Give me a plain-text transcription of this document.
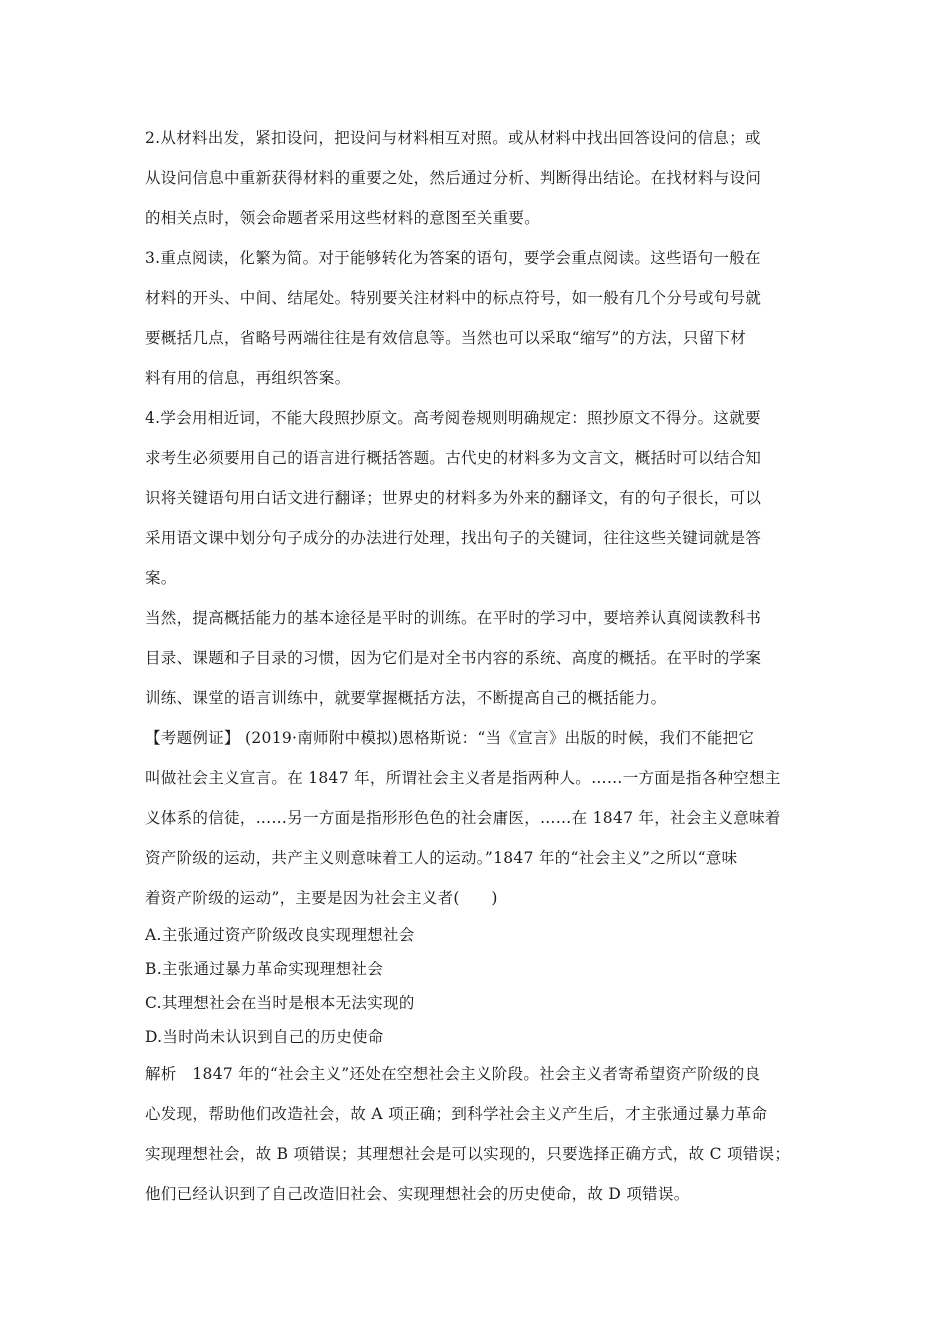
2.从材料出发，紧扣设问，把设问与材料相互对照。或从材料中找出回答设问的信息；或
从设问信息中重新获得材料的重要之处，然后通过分析、判断得出结论。在找材料与设问
的相关点时，领会命题者采用这些材料的意图至关重要。
3.重点阅读，化繁为简。对于能够转化为答案的语句，要学会重点阅读。这些语句一般在
材料的开头、中间、结尾处。特别要关注材料中的标点符号，如一般有几个分号或句号就
要概括几点，省略号两端往往是有效信息等。当然也可以采取“缩写”的方法，只留下材
料有用的信息，再组织答案。
4.学会用相近词，不能大段照抄原文。高考阅卷规则明确规定：照抄原文不得分。这就要
求考生必须要用自己的语言进行概括答题。古代史的材料多为文言文，概括时可以结合知
识将关键语句用白话文进行翻译；世界史的材料多为外来的翻译文，有的句子很长，可以
采用语文课中划分句子成分的办法进行处理，找出句子的关键词，往往这些关键词就是答
案。
当然，提高概括能力的基本途径是平时的训练。在平时的学习中，要培养认真阅读教科书
目录、课题和子目录的习惯，因为它们是对全书内容的系统、高度的概括。在平时的学案
训练、课堂的语言训练中，就要掌握概括方法，不断提高自己的概括能力。
【考题例证】 (2019·南师附中模拟)恩格斯说：“当《宣言》出版的时候，我们不能把它
叫做社会主义宣言。在 1847 年，所谓社会主义者是指两种人。……一方面是指各种空想主
义体系的信徒，……另一方面是指形形色色的社会庸医，……在 1847 年，社会主义意味着
资产阶级的运动，共产主义则意味着工人的运动。”1847 年的“社会主义”之所以“意味
着资产阶级的运动”，主要是因为社会主义者(　　)
A.主张通过资产阶级改良实现理想社会
B.主张通过暴力革命实现理想社会
C.其理想社会在当时是根本无法实现的
D.当时尚未认识到自己的历史使命
解析　1847 年的“社会主义”还处在空想社会主义阶段。社会主义者寄希望资产阶级的良
心发现，帮助他们改造社会，故 A 项正确；到科学社会主义产生后，才主张通过暴力革命
实现理想社会，故 B 项错误；其理想社会是可以实现的，只要选择正确方式，故 C 项错误；
他们已经认识到了自己改造旧社会、实现理想社会的历史使命，故 D 项错误。
